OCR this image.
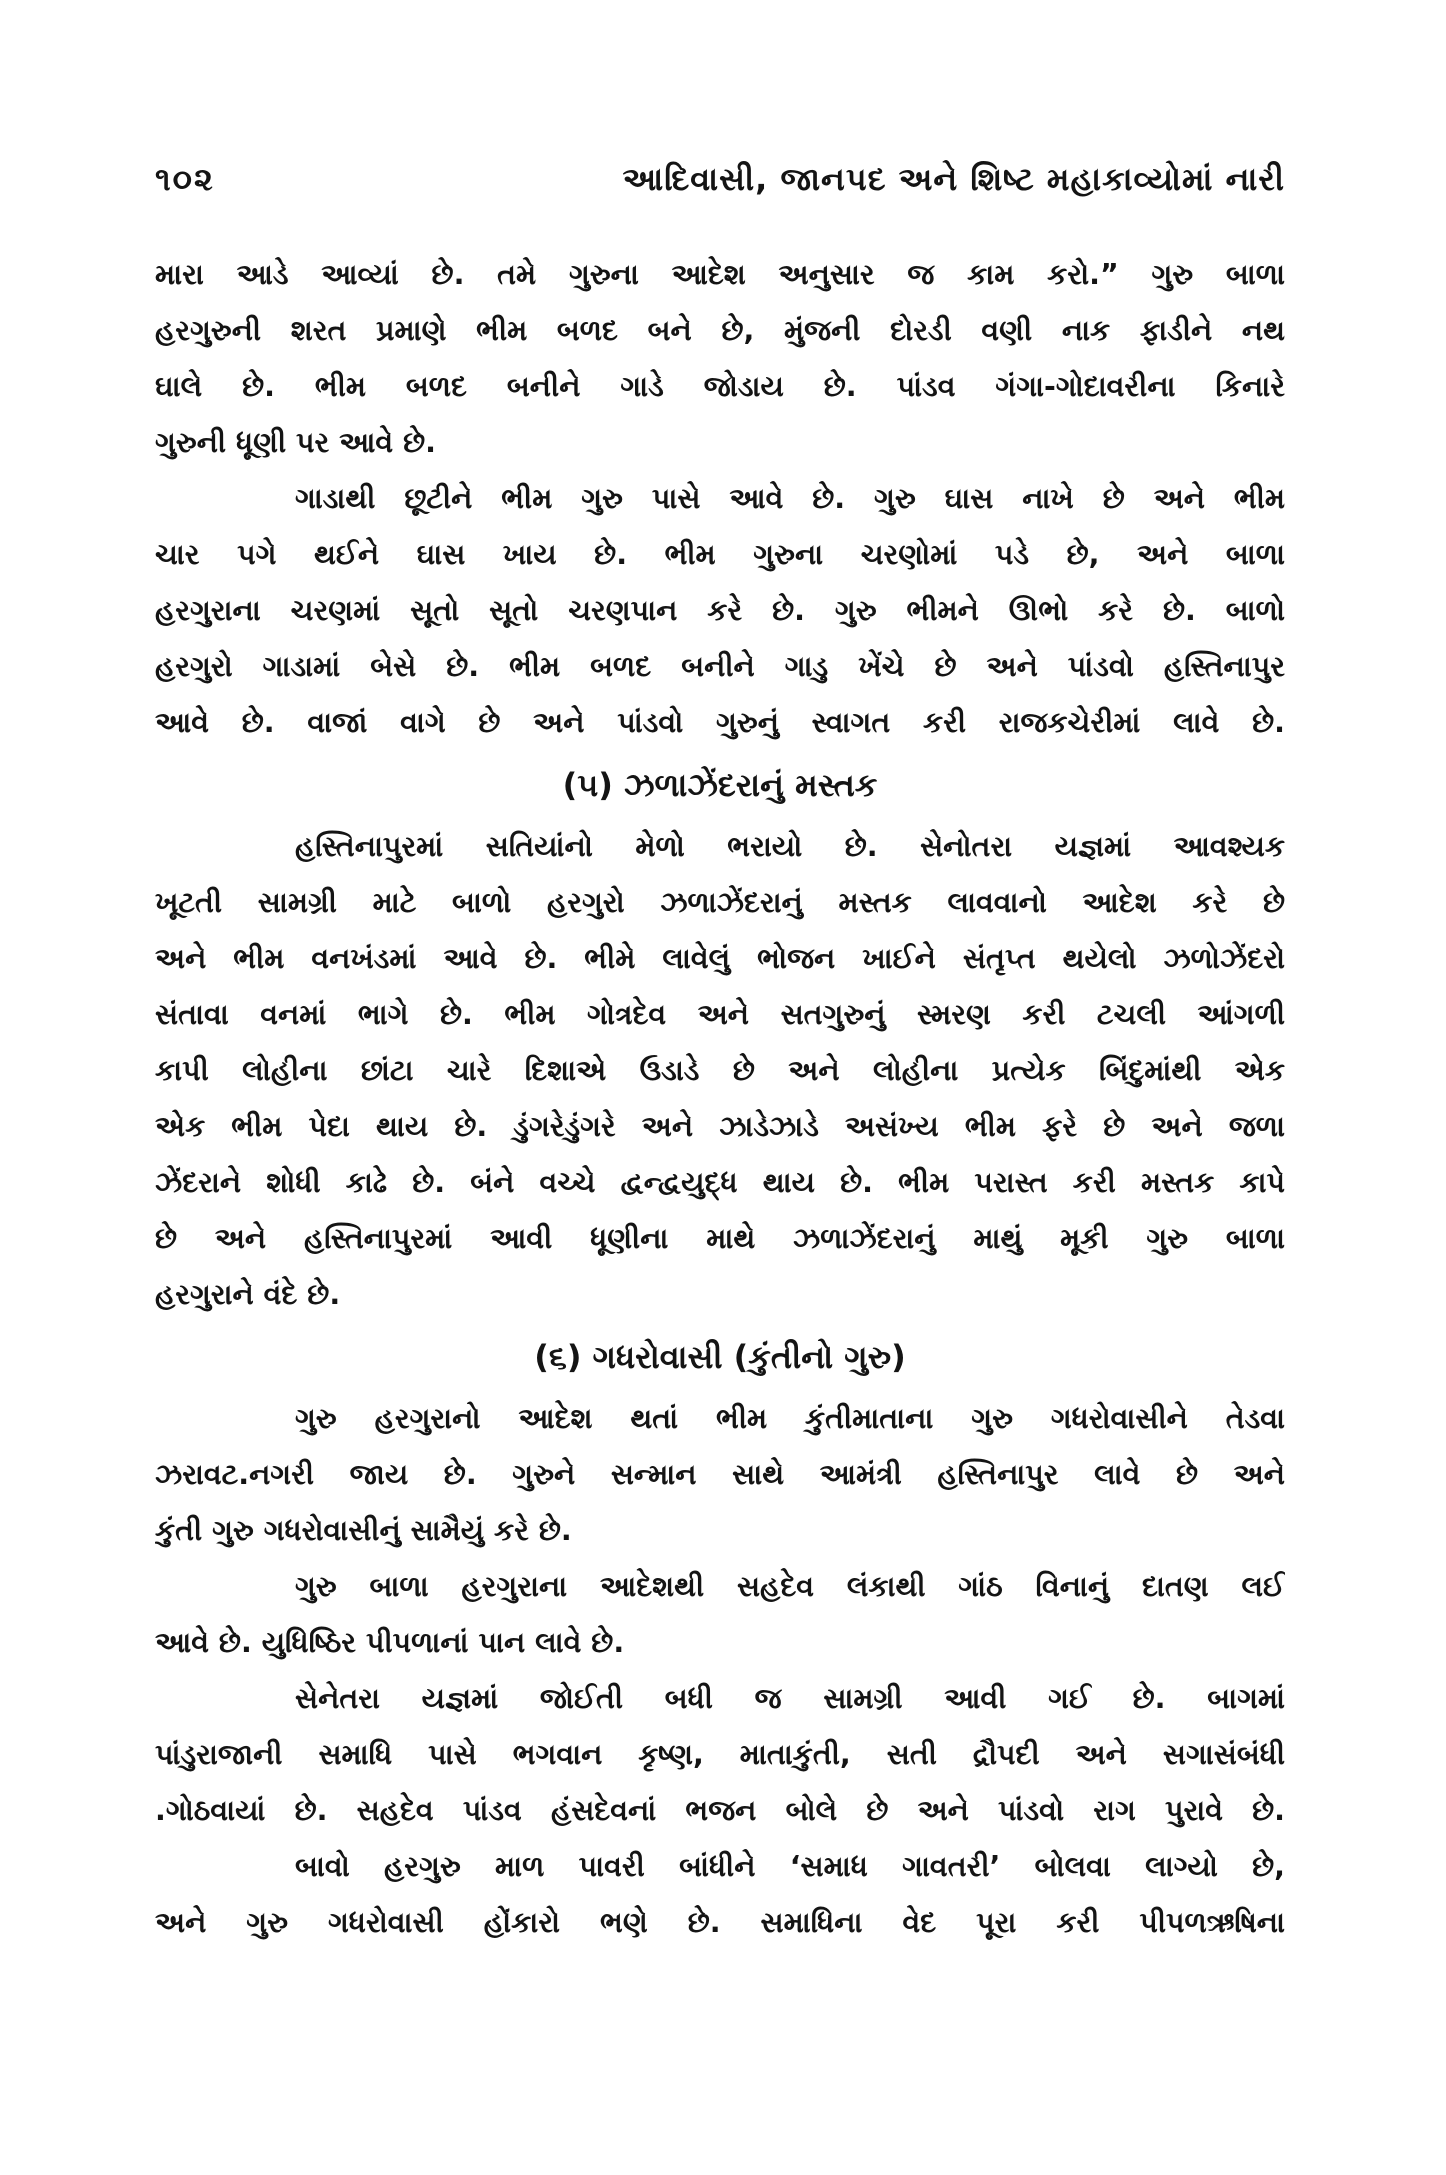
૧૦૨	આદિવાસી, જાનપદ અને શિષ્ટ મહાકાવ્યોમાં નારી
મારા આડે આવ્યાં છે. તમે ગુરુના આદેશ અનુસાર જ કામ કરો.” ગુરુ બાળા
હરગુરુની શરત પ્રમાણે ભીમ બળદ બને છે, મુંજની દોરડી વણી નાક ફાડીને નથ
ઘાલે છે. ભીમ બળદ બનીને ગાડે જોડાય છે. પાંડવ ગંગા-ગોદાવરીના કિનારે
ગુરુની ધૂણી પર આવે છે.
ગાડાથી છૂટીને ભીમ ગુરુ પાસે આવે છે. ગુરુ ઘાસ નાખે છે અને ભીમ
ચાર પગે થઈને ઘાસ ખાય છે. ભીમ ગુરુના ચરણોમાં પડે છે, અને બાળા
હરગુરાના ચરણમાં સૂતો સૂતો ચરણપાન કરે છે. ગુરુ ભીમને ઊભો કરે છે. બાળો
હરગુરો ગાડામાં બેસે છે. ભીમ બળદ બનીને ગાડુ ખેંચે છે અને પાંડવો હસ્તિનાપુર
આવે છે. વાજાં વાગે છે અને પાંડવો ગુરુનું સ્વાગત કરી રાજકચેરીમાં લાવે છે.
(૫) ઝળાઝેંદરાનું મસ્તક
હસ્તિનાપુરમાં સતિયાંનો મેળો ભરાયો છે. સેનોતરા યજ્ઞમાં આવશ્યક
ખૂટતી સામગ્રી માટે બાળો હરગુરો ઝળાઝેંદરાનું મસ્તક લાવવાનો આદેશ કરે છે
અને ભીમ વનખંડમાં આવે છે. ભીમે લાવેલું ભોજન ખાઈને સંતૃપ્ત થયેલો ઝળોઝેંદરો
સંતાવા વનમાં ભાગે છે. ભીમ ગોત્રદેવ અને સતગુરુનું સ્મરણ કરી ટચલી આંગળી
કાપી લોહીના છાંટા ચારે દિશાએ ઉડાડે છે અને લોહીના પ્રત્યેક બિંદુમાંથી એક
એક ભીમ પેદા થાય છે. ડુંગરેડુંગરે અને ઝાડેઝાડે અસંખ્ય ભીમ ફરે છે અને જળા
ઝેંદરાને શોધી કાઢે છે. બંને વચ્ચે દ્વન્દ્વયુદ્ધ થાય છે. ભીમ પરાસ્ત કરી મસ્તક કાપે
છે અને હસ્તિનાપુરમાં આવી ધૂણીના માથે ઝળાઝેંદરાનું માથું મૂકી ગુરુ બાળા
હરગુરાને વંદે છે.
(૬) ગધરોવાસી (કુંતીનો ગુરુ)
ગુરુ હરગુરાનો આદેશ થતાં ભીમ કુંતીમાતાના ગુરુ ગધરોવાસીને તેડવા
ઝરાવટ.નગરી જાય છે. ગુરુને સન્માન સાથે આમંત્રી હસ્તિનાપુર લાવે છે અને
કુંતી ગુરુ ગધરોવાસીનું સામૈયું કરે છે.
ગુરુ બાળા હરગુરાના આદેશથી સહદેવ લંકાથી ગાંઠ વિનાનું દાતણ લઈ
આવે છે. યુધિષ્ઠિર પીપળાનાં પાન લાવે છે.
સેનેતરા યજ્ઞમાં જોઈતી બધી જ સામગ્રી આવી ગઈ છે. બાગમાં
પાંડુરાજાની સમાધિ પાસે ભગવાન કૃષ્ણ, માતાકુંતી, સતી દ્રૌપદી અને સગાસંબંધી
.ગોઠવાયાં છે. સહદેવ પાંડવ હંસદેવનાં ભજન બોલે છે અને પાંડવો રાગ પુરાવે છે.
બાવો હરગુરુ માળ પાવરી બાંધીને ‘સમાધ ગાવતરી’ બોલવા લાગ્યો છે,
અને ગુરુ ગધરોવાસી હોંકારો ભણે છે. સમાધિના વેદ પૂરા કરી પીપળઋષિના
